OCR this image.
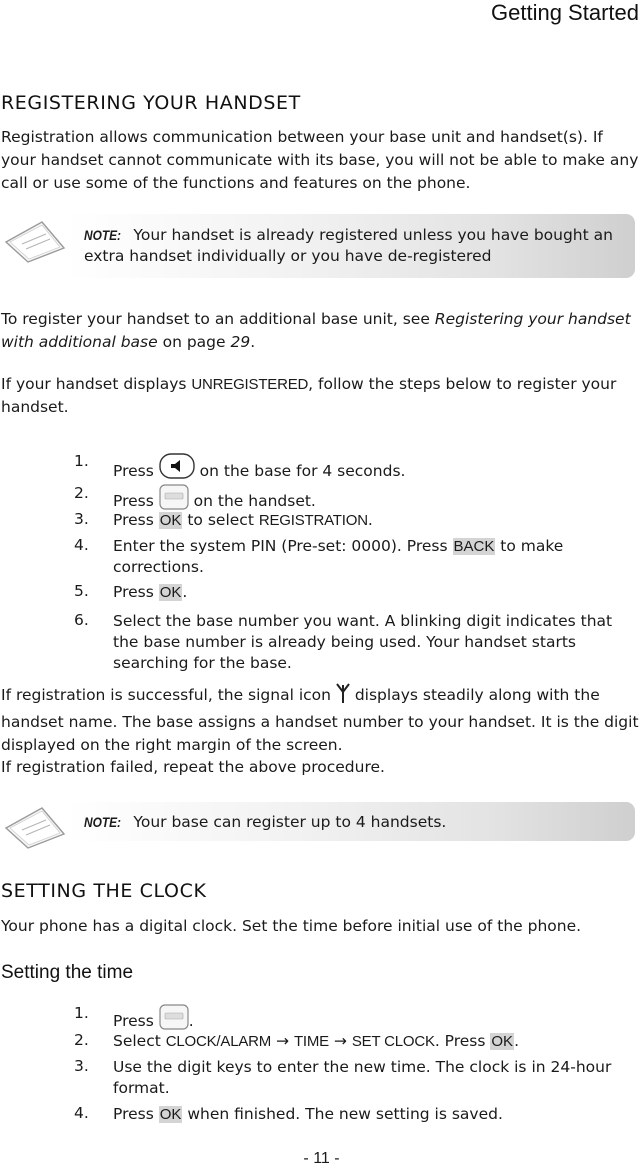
Getting Started
REGISTERING YOUR HANDSET
Registration allows communication between your base unit and handset(s). If your handset cannot communicate with its base, you will not be able to make any call or use some of the functions and features on the phone.
NOTE: Your handset is already registered unless you have bought an extra handset individually or you have de-registered
To register your handset to an additional base unit, see Registering your handset with additional base on page 29.
If your handset displays UNREGISTERED, follow the steps below to register your handset.
1.
Press  on the base for 4 seconds.
2.	Press  on the handset.
3.	Press OK to select REGISTRATION.
4.	Enter the system PIN (Pre-set: 0000). Press BACK to make corrections.
5.	Press OK.
6.	Select the base number you want. A blinking digit indicates that the base number is already being used. Your handset starts searching for the base.
If registration is successful, the signal icon  displays steadily along with the handset name. The base assigns a handset number to your handset. It is the digit displayed on the right margin of the screen.
If registration failed, repeat the above procedure.
NOTE: Your base can register up to 4 handsets.
SETTING THE CLOCK
Your phone has a digital clock. Set the time before initial use of the phone.
Setting the time
1.	Press .
2.	Select CLOCK/ALARM → TIME → SET CLOCK. Press OK.
3.	Use the digit keys to enter the new time. The clock is in 24-hour format.
4.	Press OK when finished. The new setting is saved.
- 11 -
